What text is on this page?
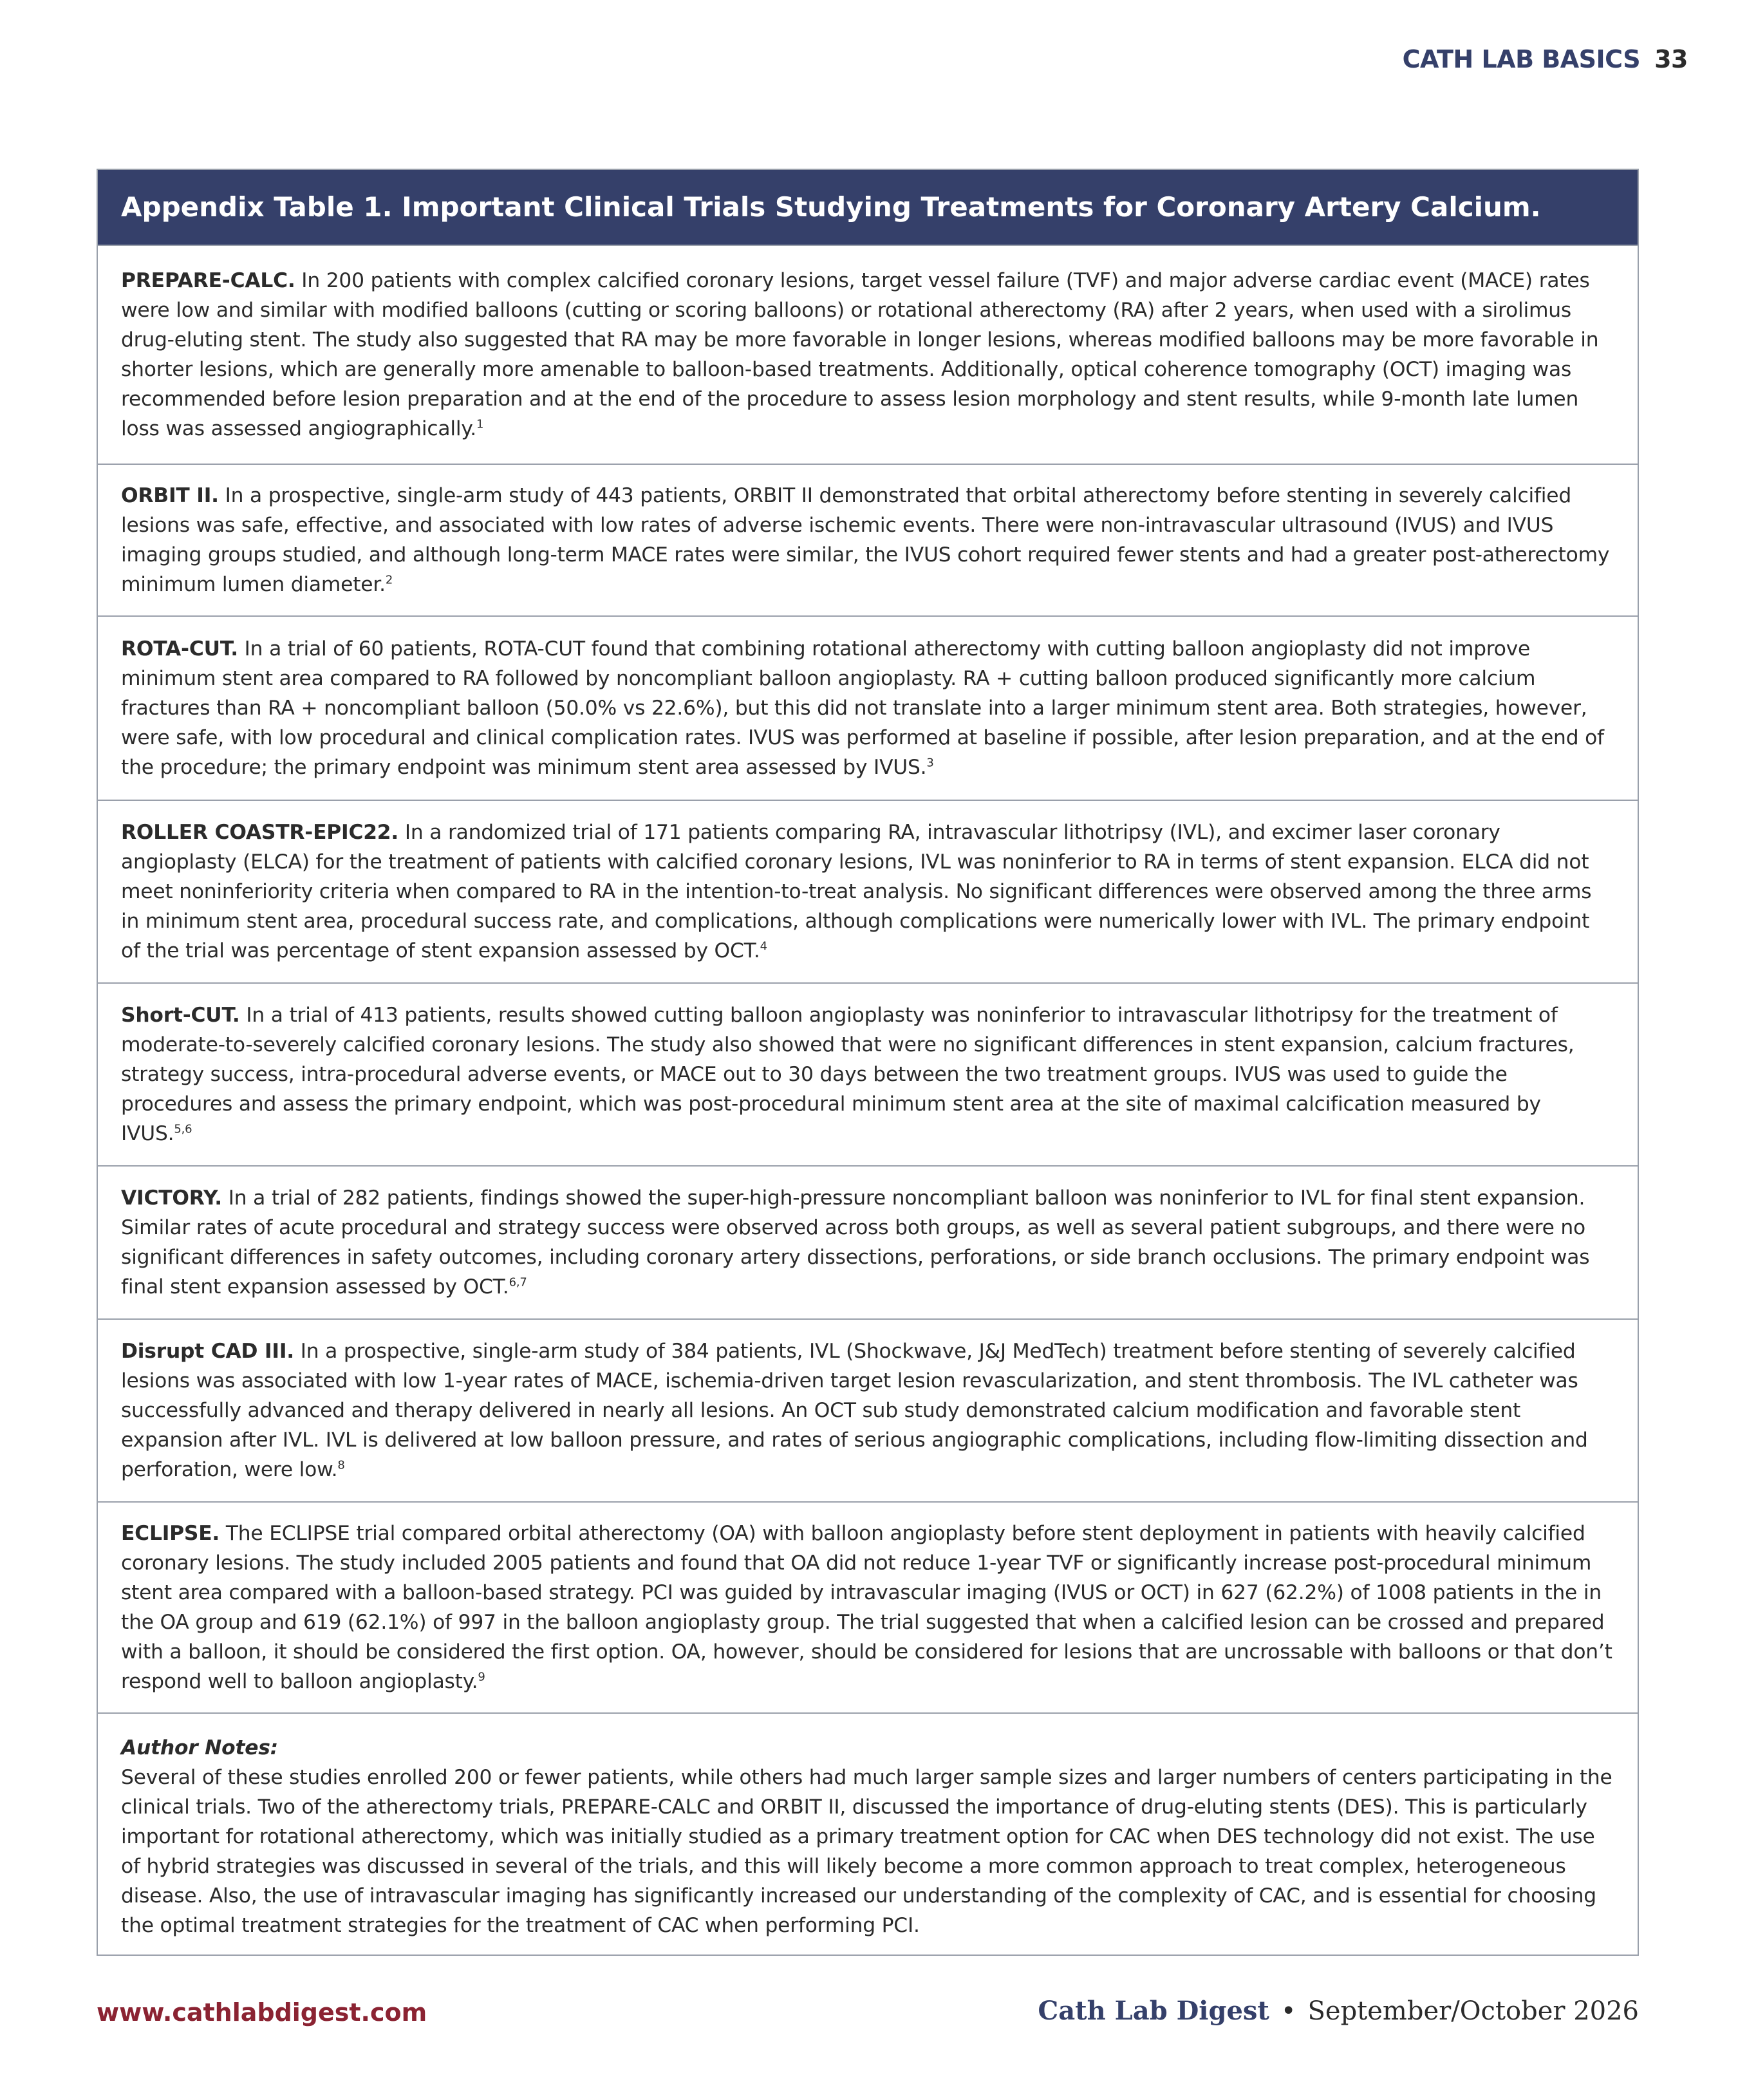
CATH LAB BASICS 33
Appendix Table 1. Important Clinical Trials Studying Treatments for Coronary Artery Calcium.
PREPARE-CALC. In 200 patients with complex calcified coronary lesions, target vessel failure (TVF) and major adverse cardiac event (MACE) rates were low and similar with modified balloons (cutting or scoring balloons) or rotational atherectomy (RA) after 2 years, when used with a sirolimus drug-eluting stent. The study also suggested that RA may be more favorable in longer lesions, whereas modified balloons may be more favorable in shorter lesions, which are generally more amenable to balloon-based treatments. Additionally, optical coherence tomography (OCT) imaging was recommended before lesion preparation and at the end of the procedure to assess lesion morphology and stent results, while 9-month late lumen loss was assessed angiographically.$^1$
ORBIT II. In a prospective, single-arm study of 443 patients, ORBIT II demonstrated that orbital atherectomy before stenting in severely calcified lesions was safe, effective, and associated with low rates of adverse ischemic events. There were non-intravascular ultrasound (IVUS) and IVUS imaging groups studied, and although long-term MACE rates were similar, the IVUS cohort required fewer stents and had a greater post-atherectomy minimum lumen diameter.$^2$
ROTA-CUT. In a trial of 60 patients, ROTA-CUT found that combining rotational atherectomy with cutting balloon angioplasty did not improve minimum stent area compared to RA followed by noncompliant balloon angioplasty. RA + cutting balloon produced significantly more calcium fractures than RA + noncompliant balloon (50.0% vs 22.6%), but this did not translate into a larger minimum stent area. Both strategies, however, were safe, with low procedural and clinical complication rates. IVUS was performed at baseline if possible, after lesion preparation, and at the end of the procedure; the primary endpoint was minimum stent area assessed by IVUS.$^3$
ROLLER COASTR-EPIC22. In a randomized trial of 171 patients comparing RA, intravascular lithotripsy (IVL), and excimer laser coronary angioplasty (ELCA) for the treatment of patients with calcified coronary lesions, IVL was noninferior to RA in terms of stent expansion. ELCA did not meet noninferiority criteria when compared to RA in the intention-to-treat analysis. No significant differences were observed among the three arms in minimum stent area, procedural success rate, and complications, although complications were numerically lower with IVL. The primary endpoint of the trial was percentage of stent expansion assessed by OCT.$^4$
Short-CUT. In a trial of 413 patients, results showed cutting balloon angioplasty was noninferior to intravascular lithotripsy for the treatment of moderate-to-severely calcified coronary lesions. The study also showed that were no significant differences in stent expansion, calcium fractures, strategy success, intra-procedural adverse events, or MACE out to 30 days between the two treatment groups. IVUS was used to guide the procedures and assess the primary endpoint, which was post-procedural minimum stent area at the site of maximal calcification measured by IVUS.$^{5,6}$
VICTORY. In a trial of 282 patients, findings showed the super-high-pressure noncompliant balloon was noninferior to IVL for final stent expansion. Similar rates of acute procedural and strategy success were observed across both groups, as well as several patient subgroups, and there were no significant differences in safety outcomes, including coronary artery dissections, perforations, or side branch occlusions. The primary endpoint was final stent expansion assessed by OCT.$^{6,7}$
Disrupt CAD III. In a prospective, single-arm study of 384 patients, IVL (Shockwave, J&J MedTech) treatment before stenting of severely calcified lesions was associated with low 1-year rates of MACE, ischemia-driven target lesion revascularization, and stent thrombosis. The IVL catheter was successfully advanced and therapy delivered in nearly all lesions. An OCT sub study demonstrated calcium modification and favorable stent expansion after IVL. IVL is delivered at low balloon pressure, and rates of serious angiographic complications, including flow-limiting dissection and perforation, were low.$^8$
ECLIPSE. The ECLIPSE trial compared orbital atherectomy (OA) with balloon angioplasty before stent deployment in patients with heavily calcified coronary lesions. The study included 2005 patients and found that OA did not reduce 1-year TVF or significantly increase post-procedural minimum stent area compared with a balloon-based strategy. PCI was guided by intravascular imaging (IVUS or OCT) in 627 (62.2%) of 1008 patients in the in the OA group and 619 (62.1%) of 997 in the balloon angioplasty group. The trial suggested that when a calcified lesion can be crossed and prepared with a balloon, it should be considered the first option. OA, however, should be considered for lesions that are uncrossable with balloons or that don’t respond well to balloon angioplasty.$^9$
Author Notes:
Several of these studies enrolled 200 or fewer patients, while others had much larger sample sizes and larger numbers of centers participating in the clinical trials. Two of the atherectomy trials, PREPARE-CALC and ORBIT II, discussed the importance of drug-eluting stents (DES). This is particularly important for rotational atherectomy, which was initially studied as a primary treatment option for CAC when DES technology did not exist. The use of hybrid strategies was discussed in several of the trials, and this will likely become a more common approach to treat complex, heterogeneous disease. Also, the use of intravascular imaging has significantly increased our understanding of the complexity of CAC, and is essential for choosing the optimal treatment strategies for the treatment of CAC when performing PCI.
www.cathlabdigest.com	Cath Lab Digest • September/October 2026
